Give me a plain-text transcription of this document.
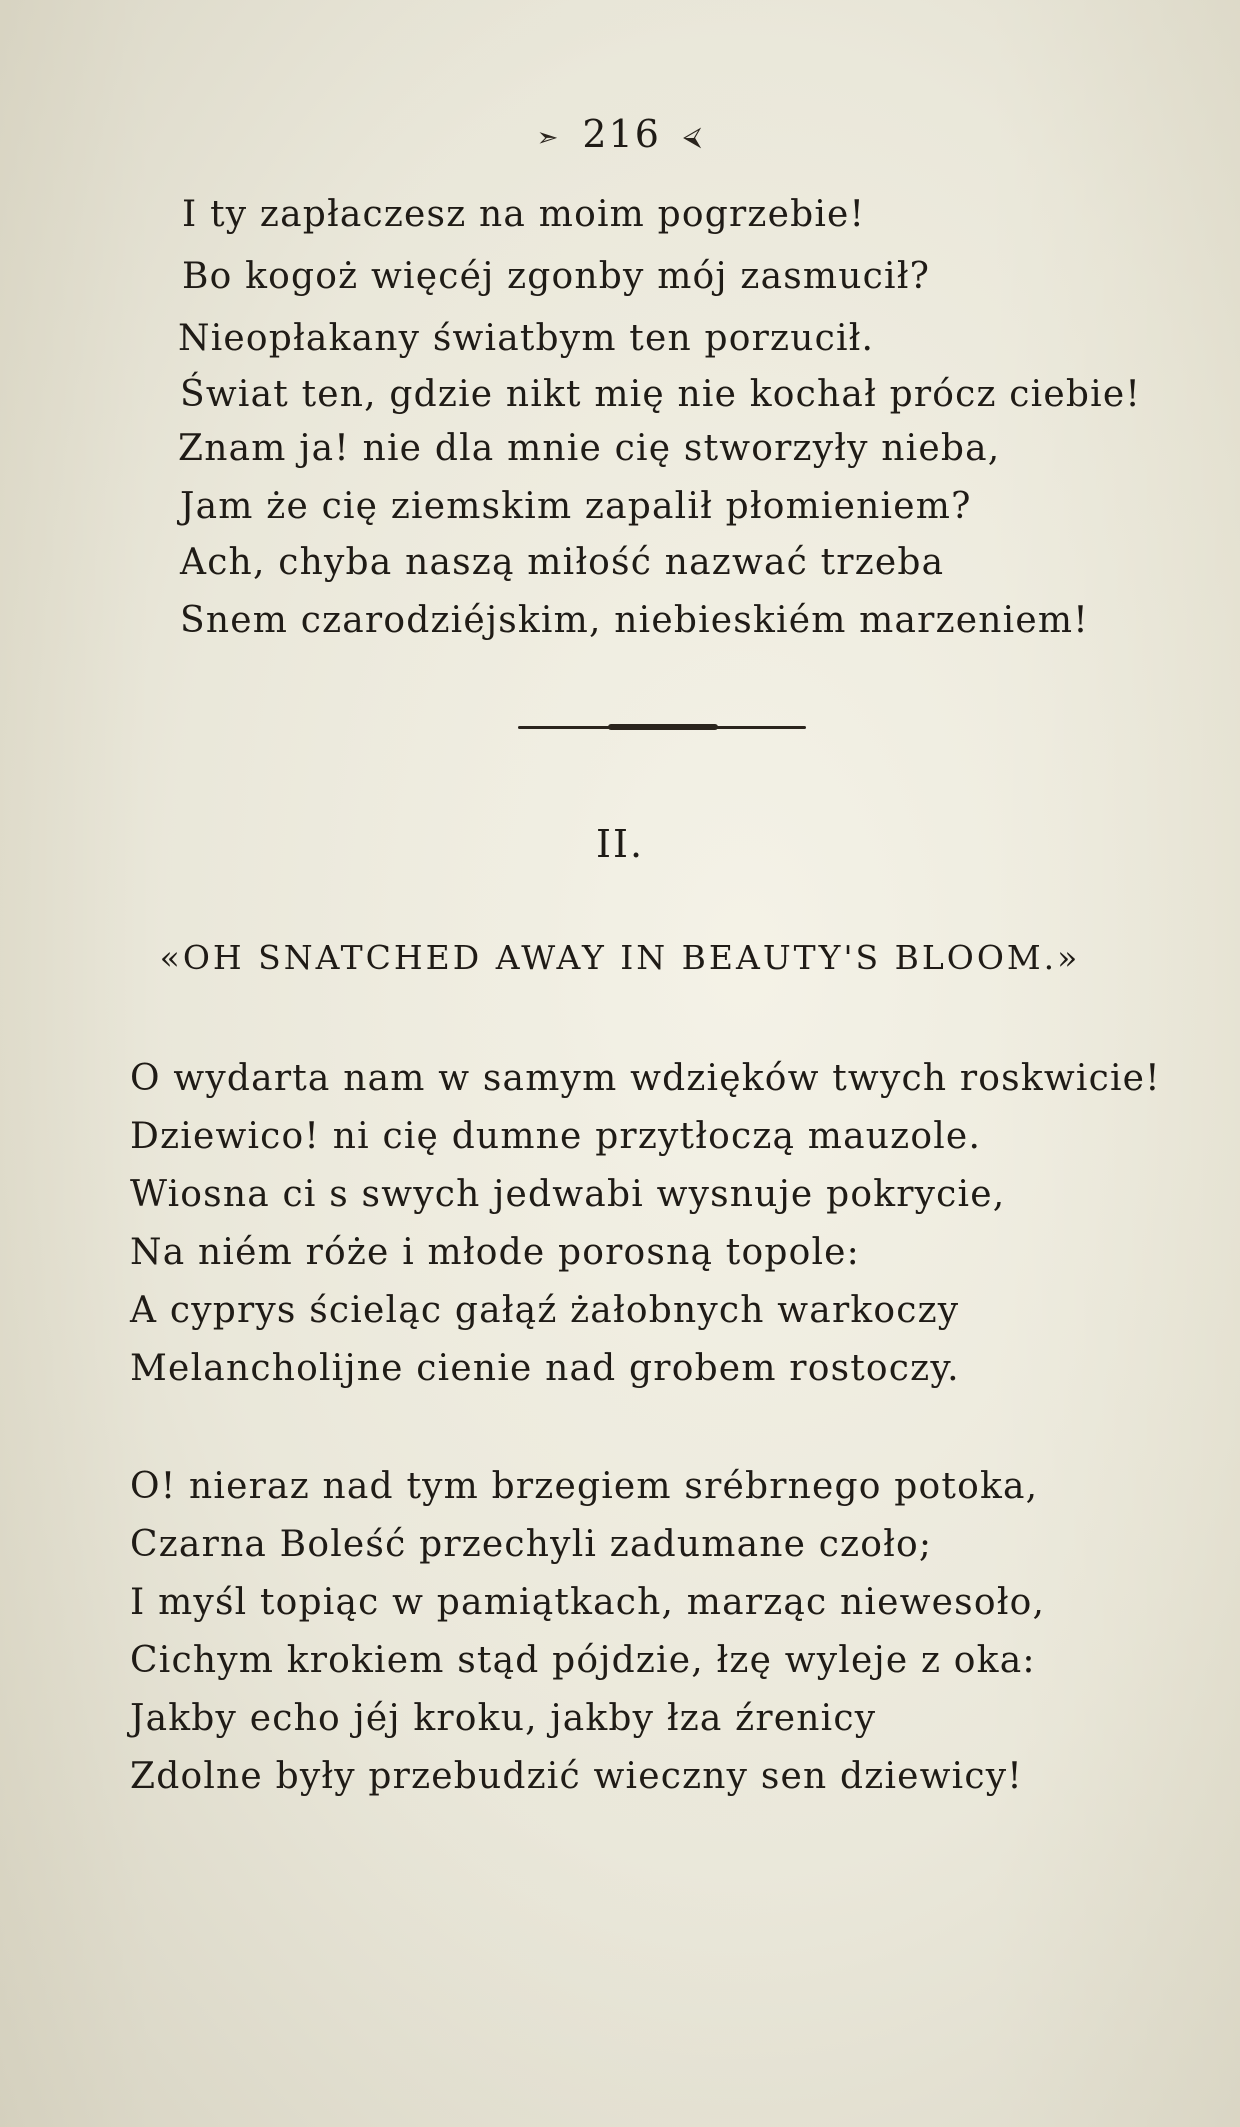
➣ 216 ⮘
I ty zapłaczesz na moim pogrzebie!
Bo kogoż więcéj zgonby mój zasmucił?
Nieopłakany światbym ten porzucił.
Świat ten, gdzie nikt mię nie kochał prócz ciebie!
Znam ja! nie dla mnie cię stworzyły nieba,
Jam że cię ziemskim zapalił płomieniem?
Ach, chyba naszą miłość nazwać trzeba
Snem czarodziéjskim, niebieskiém marzeniem!
II.
«OH SNATCHED AWAY IN BEAUTY'S BLOOM.»
O wydarta nam w samym wdzięków twych roskwicie!
Dziewico! ni cię dumne przytłoczą mauzole.
Wiosna ci s swych jedwabi wysnuje pokrycie,
Na niém róże i młode porosną topole:
A cyprys ścieląc gałąź żałobnych warkoczy
Melancholijne cienie nad grobem rostoczy.
O! nieraz nad tym brzegiem srébrnego potoka,
Czarna Boleść przechyli zadumane czoło;
I myśl topiąc w pamiątkach, marząc niewesoło,
Cichym krokiem stąd pójdzie, łzę wyleje z oka:
Jakby echo jéj kroku, jakby łza źrenicy
Zdolne były przebudzić wieczny sen dziewicy!
